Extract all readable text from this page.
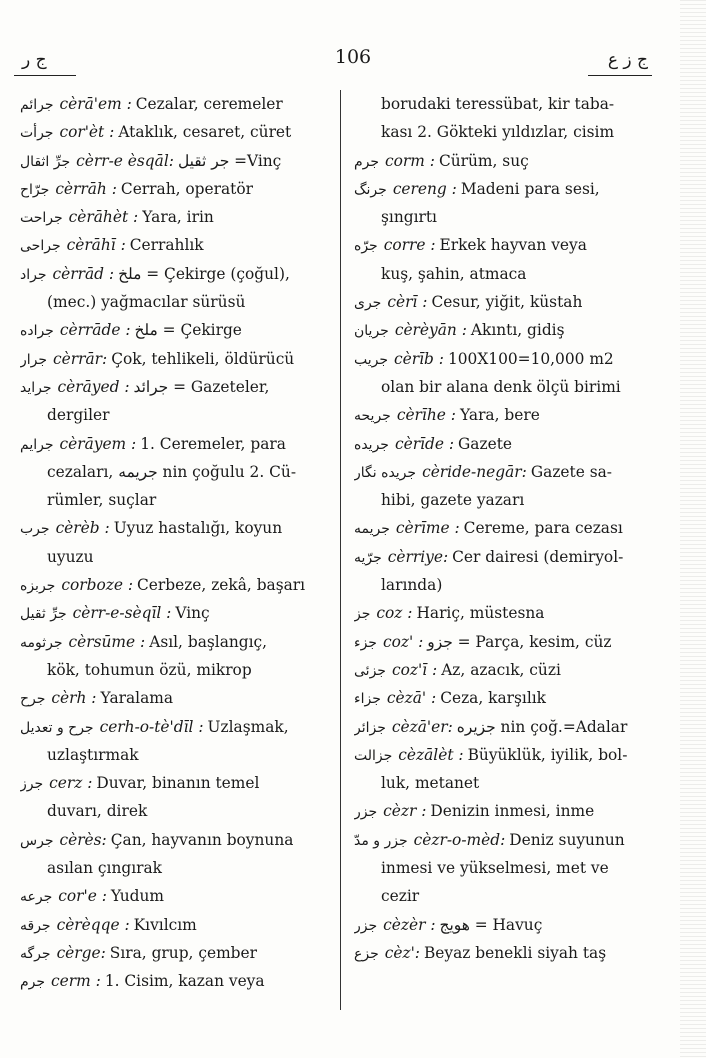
ج ر	106	ج ز ع
جرائم cèrā'em : Cezalar, ceremeler
جرأت cor'èt : Ataklık, cesaret, cüret
جرِّ اثقال cèrr-e èsqāl: جر ثقيل =Vinç
جرّاح cèrrāh : Cerrah, operatör
جراحت cèrāhèt : Yara, irin
جراحى cèrāhī : Cerrahlık
جراد cèrrād : ملخ = Çekirge (çoğul),
(mec.) yağmacılar sürüsü
جراده cèrrāde : ملخ = Çekirge
جرار cèrrār: Çok, tehlikeli, öldürücü
جرايد cèrāyed : جرائد = Gazeteler,
dergiler
جرايم cèrāyem : 1. Ceremeler, para
cezaları, جريمه nin çoğulu 2. Cü-
rümler, suçlar
جرب cèrèb : Uyuz hastalığı, koyun
uyuzu
جربزه corboze : Cerbeze, zekâ, başarı
جرِّ ثقيل cèrr-e-sèqīl : Vinç
جرثومه cèrsūme : Asıl, başlangıç,
kök, tohumun özü, mikrop
جرح cèrh : Yaralama
جرح و تعديل cerh-o-tè'dīl : Uzlaşmak,
uzlaştırmak
جرز cerz : Duvar, binanın temel
duvarı, direk
جرس cèrès: Çan, hayvanın boynuna
asılan çıngırak
جرعه cor'e : Yudum
جرقه cèrèqqe : Kıvılcım
جرگه cèrge: Sıra, grup, çember
جرم cerm : 1. Cisim, kazan veya
borudaki teressübat, kir taba-
kası 2. Gökteki yıldızlar, cisim
جرم corm : Cürüm, suç
جرنگ cereng : Madeni para sesi,
şıngırtı
جرّه corre : Erkek hayvan veya
kuş, şahin, atmaca
جرى cèrī : Cesur, yiğit, küstah
جريان cèrèyān : Akıntı, gidiş
جريب cèrīb : 100X100=10,000 m2
olan bir alana denk ölçü birimi
جريحه cèrīhe : Yara, bere
جريده cèrīde : Gazete
جريده نگار cèride-negār: Gazete sa-
hibi, gazete yazarı
جريمه cèrīme : Cereme, para cezası
جرّيه cèrriye: Cer dairesi (demiryol-
larında)
جز coz : Hariç, müstesna
جزء coz' : جزو = Parça, kesim, cüz
جزئى coz'ī : Az, azacık, cüzi
جزاء cèzā' : Ceza, karşılık
جزائر cèzā'er: جزيره nin çoğ.=Adalar
جزالت cèzālèt : Büyüklük, iyilik, bol-
luk, metanet
جزر cèzr : Denizin inmesi, inme
جزر و مدّ cèzr-o-mèd: Deniz suyunun
inmesi ve yükselmesi, met ve
cezir
جزر cèzèr : هويج = Havuç
جزع cèz': Beyaz benekli siyah taş
